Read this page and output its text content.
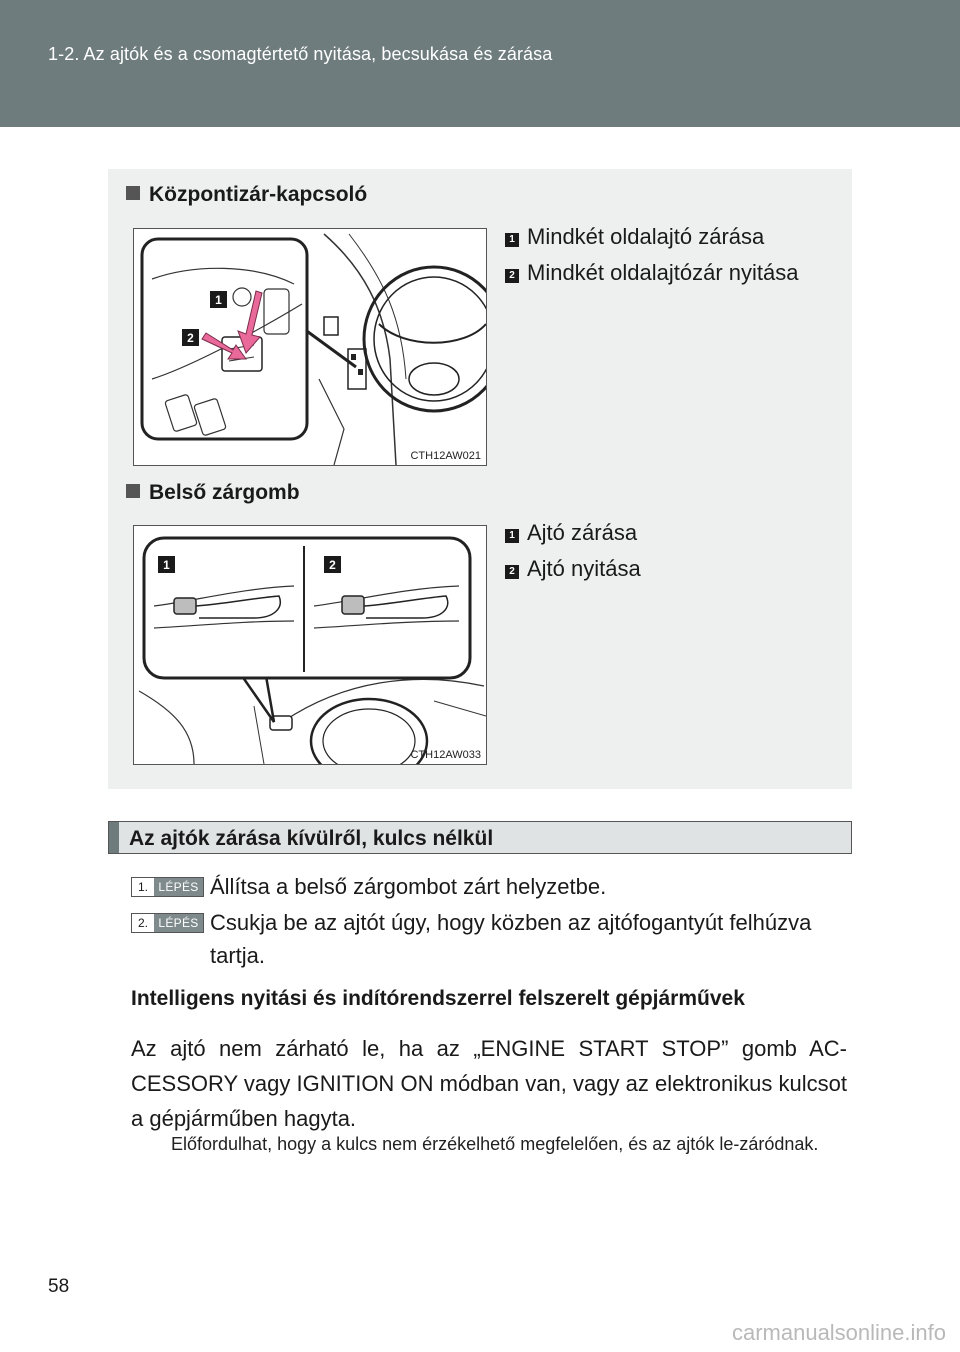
1-2. Az ajtók és a csomagtértető nyitása, becsukása és zárása
Központizár-kapcsoló
1
2
CTH12AW021
1 Mindkét oldalajtó zárása
2 Mindkét oldalajtózár nyitása
Belső zárgomb
1	2
CTH12AW033
1 Ajtó zárása
2 Ajtó nyitása
Az ajtók zárása kívülről, kulcs nélkül
1. LÉPÉS Állítsa a belső zárgombot zárt helyzetbe.
2. LÉPÉS Csukja be az ajtót úgy, hogy közben az ajtófogantyút felhúzva tartja.
Intelligens nyitási és indítórendszerrel felszerelt gépjárművek
Az ajtó nem zárható le, ha az „ENGINE START STOP” gomb AC-CESSORY vagy IGNITION ON módban van, vagy az elektronikus kulcsot a gépjárműben hagyta.
Előfordulhat, hogy a kulcs nem érzékelhető megfelelően, és az ajtók le-záródnak.
58
carmanualsonline.info
